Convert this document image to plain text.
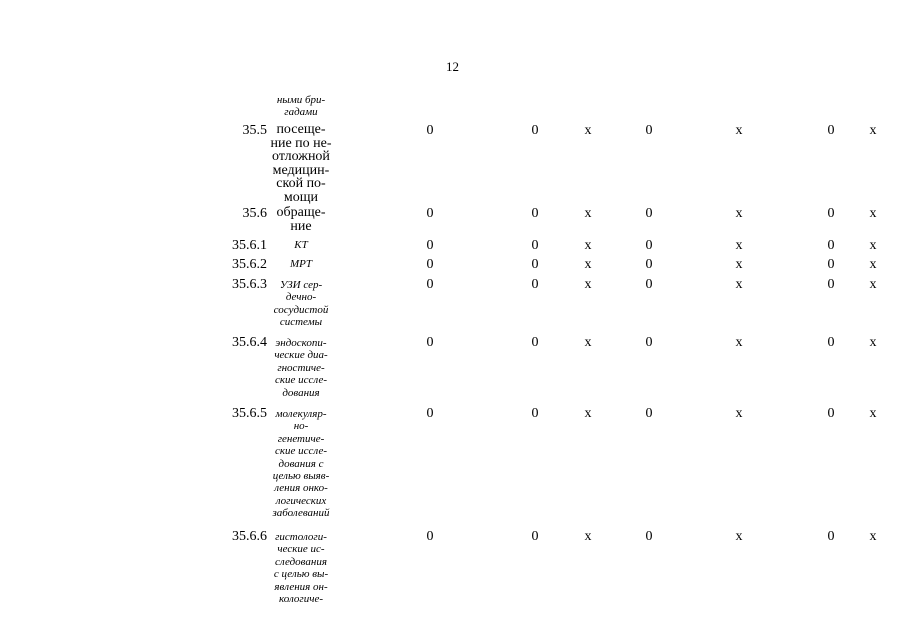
12
ными бри-
гадами
35.5 посеще-
ние по не-
отложной
медицин-
ской по-
мощи
0	0	х	0	х	0	х
35.6 обраще-
ние
0	0	х	0	х	0	х
35.6.1	КТ	0	0	х	0	х	0	х
35.6.2	МРТ	0	0	х	0	х	0	х
35.6.3	УЗИ сер-
дечно-
сосудистой
системы
0	0	х	0	х	0	х
35.6.4 эндоскопи-
ческие диа-
гностиче-
ские иссле-
дования
0	0	х	0	х	0	х
35.6.5 молекуляр-
но-
генетиче-
ские иссле-
дования с
целью выяв-
ления онко-
логических
заболеваний
0	0	х	0	х	0	х
35.6.6 гистологи-
ческие ис-
следования
с целью вы-
явления он-
кологиче-
0	0	х	0	х	0	х
